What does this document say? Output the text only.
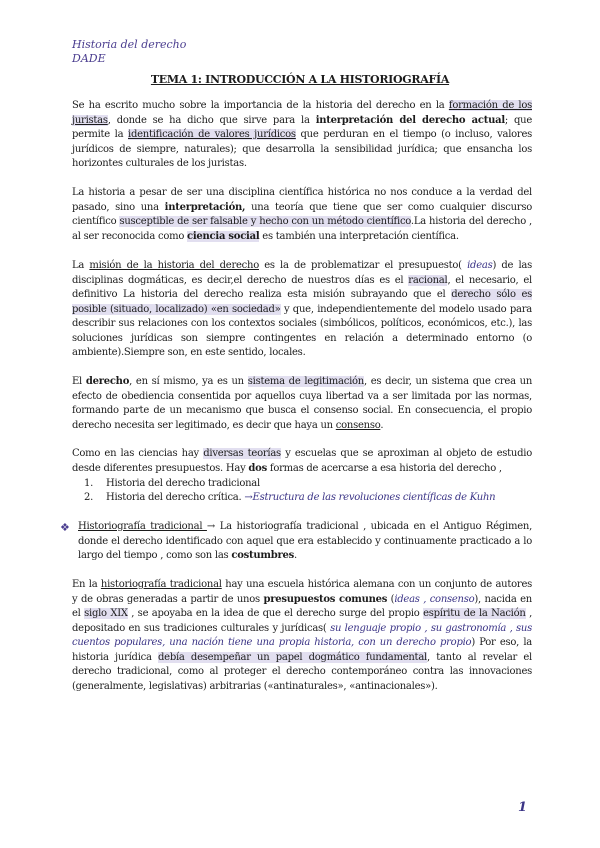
Historia del derecho
DADE
TEMA 1: INTRODUCCIÓN A LA HISTORIOGRAFÍA
Se ha escrito mucho sobre la importancia de la historia del derecho en la formación de los juristas, donde se ha dicho que sirve para la interpretación del derecho actual; que permite la identificación de valores jurídicos que perduran en el tiempo (o incluso, valores jurídicos de siempre, naturales); que desarrolla la sensibilidad jurídica; que ensancha los horizontes culturales de los juristas.
La historia a pesar de ser una disciplina científica histórica no nos conduce a la verdad del pasado, sino una interpretación, una teoría que tiene que ser como cualquier discurso científico susceptible de ser falsable y hecho con un método científico.La historia del derecho , al ser reconocida como ciencia social es también una interpretación científica.
La misión de la historia del derecho es la de problematizar el presupuesto( ideas) de las disciplinas dogmáticas, es decir,el derecho de nuestros días es el racional, el necesario, el definitivo La historia del derecho realiza esta misión subrayando que el derecho sólo es posible (situado, localizado) «en sociedad» y que, independientemente del modelo usado para describir sus relaciones con los contextos sociales (simbólicos, políticos, económicos, etc.), las soluciones jurídicas son siempre contingentes en relación a determinado entorno (o ambiente).Siempre son, en este sentido, locales.
El derecho, en sí mismo, ya es un sistema de legitimación, es decir, un sistema que crea un efecto de obediencia consentida por aquellos cuya libertad va a ser limitada por las normas, formando parte de un mecanismo que busca el consenso social. En consecuencia, el propio derecho necesita ser legitimado, es decir que haya un consenso.
Como en las ciencias hay diversas teorías y escuelas que se aproximan al objeto de estudio desde diferentes presupuestos. Hay dos formas de acercarse a esa historia del derecho ,
1. Historia del derecho tradicional
2. Historia del derecho crítica. →Estructura de las revoluciones científicas de Kuhn
❖ Historiografía tradicional → La historiografía tradicional , ubicada en el Antiguo Régimen, donde el derecho identificado con aquel que era establecido y continuamente practicado a lo largo del tiempo , como son las costumbres.
En la historiografía tradicional hay una escuela histórica alemana con un conjunto de autores y de obras generadas a partir de unos presupuestos comunes (ideas , consenso), nacida en el siglo XIX , se apoyaba en la idea de que el derecho surge del propio espíritu de la Nación , depositado en sus tradiciones culturales y jurídicas( su lenguaje propio , su gastronomía , sus cuentos populares, una nación tiene una propia historia, con un derecho propio) Por eso, la historia jurídica debía desempeñar un papel dogmático fundamental, tanto al revelar el derecho tradicional, como al proteger el derecho contemporáneo contra las innovaciones (generalmente, legislativas) arbitrarias («antinaturales», «antinacionales»).
1
